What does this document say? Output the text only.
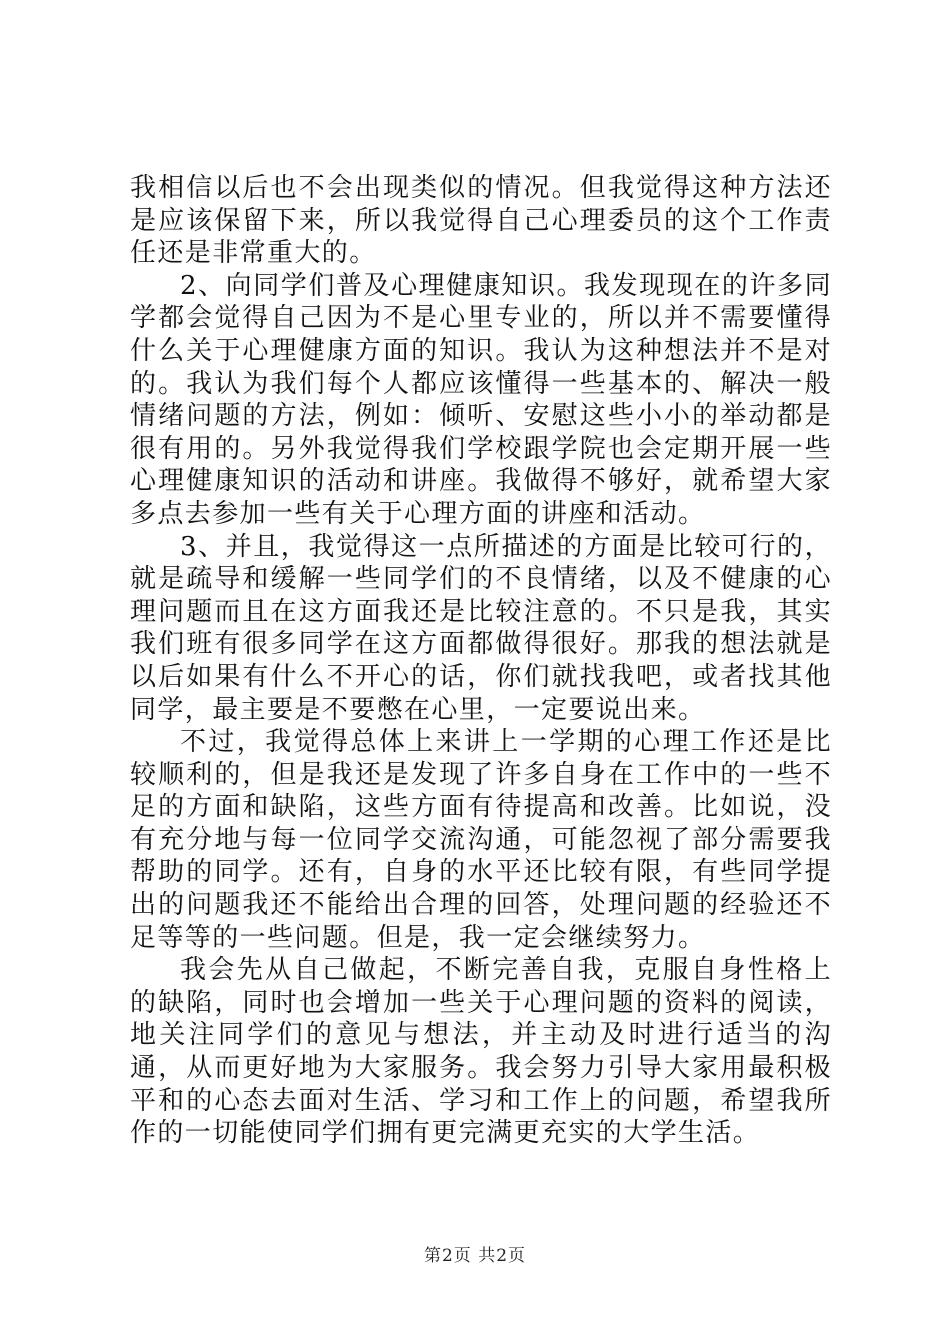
我相信以后也不会出现类似的情况。但我觉得这种方法还是应该保留下来，所以我觉得自己心理委员的这个工作责任还是非常重大的。

2、向同学们普及心理健康知识。我发现现在的许多同学都会觉得自己因为不是心里专业的，所以并不需要懂得什么关于心理健康方面的知识。我认为这种想法并不是对的。我认为我们每个人都应该懂得一些基本的、解决一般情绪问题的方法，例如：倾听、安慰这些小小的举动都是很有用的。另外我觉得我们学校跟学院也会定期开展一些心理健康知识的活动和讲座。我做得不够好，就希望大家多点去参加一些有关于心理方面的讲座和活动。

3、并且，我觉得这一点所描述的方面是比较可行的，就是疏导和缓解一些同学们的不良情绪，以及不健康的心理问题而且在这方面我还是比较注意的。不只是我，其实我们班有很多同学在这方面都做得很好。那我的想法就是以后如果有什么不开心的话，你们就找我吧，或者找其他同学，最主要是不要憋在心里，一定要说出来。

不过，我觉得总体上来讲上一学期的心理工作还是比较顺利的，但是我还是发现了许多自身在工作中的一些不足的方面和缺陷，这些方面有待提高和改善。比如说，没有充分地与每一位同学交流沟通，可能忽视了部分需要我帮助的同学。还有，自身的水平还比较有限，有些同学提出的问题我还不能给出合理的回答，处理问题的经验还不足等等的一些问题。但是，我一定会继续努力。

我会先从自己做起，不断完善自我，克服自身性格上的缺陷，同时也会增加一些关于心理问题的资料的阅读，地关注同学们的意见与想法，并主动及时进行适当的沟通，从而更好地为大家服务。我会努力引导大家用最积极平和的心态去面对生活、学习和工作上的问题，希望我所作的一切能使同学们拥有更完满更充实的大学生活。

第2页 共2页
